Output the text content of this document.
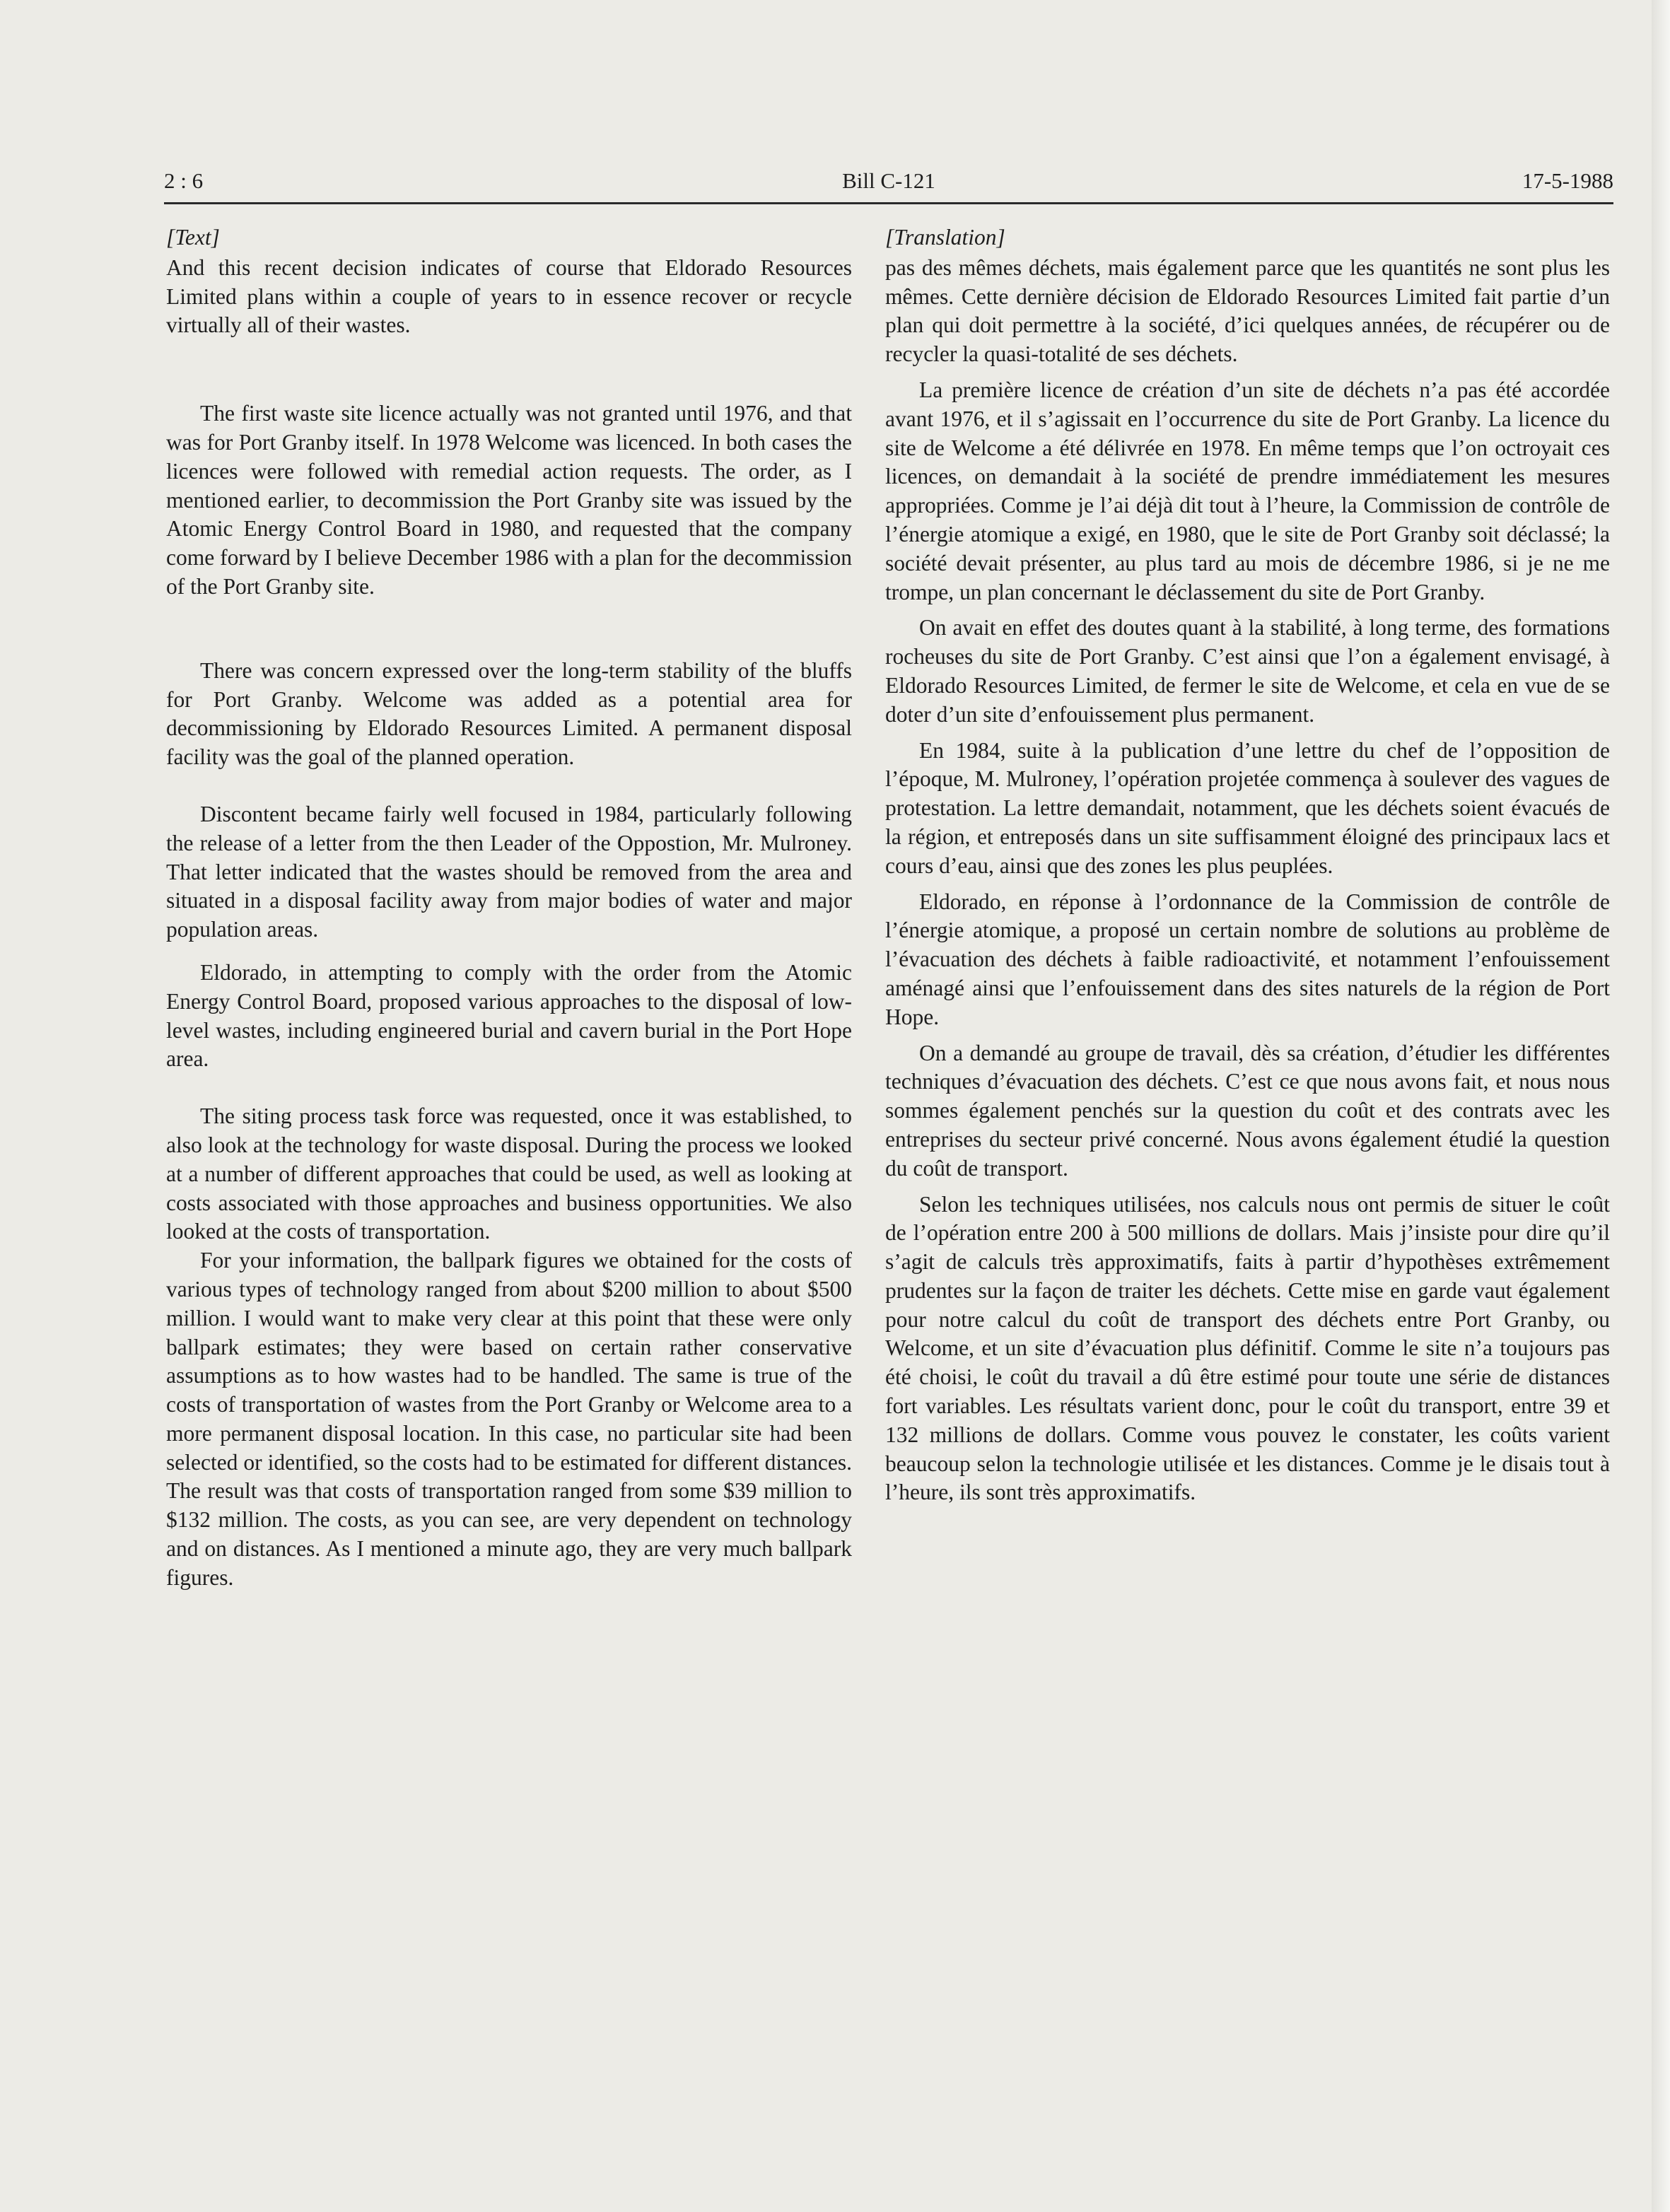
2 : 6	Bill C-121	17-5-1988
[Text]

And this recent decision indicates of course that Eldorado Resources Limited plans within a couple of years to in essence recover or recycle virtually all of their wastes.

The first waste site licence actually was not granted until 1976, and that was for Port Granby itself. In 1978 Welcome was licenced. In both cases the licences were followed with remedial action requests. The order, as I mentioned earlier, to decommission the Port Granby site was issued by the Atomic Energy Control Board in 1980, and requested that the company come forward by I believe December 1986 with a plan for the decommission of the Port Granby site.

There was concern expressed over the long-term stability of the bluffs for Port Granby. Welcome was added as a potential area for decommissioning by Eldorado Resources Limited. A permanent disposal facility was the goal of the planned operation.

Discontent became fairly well focused in 1984, particularly following the release of a letter from the then Leader of the Oppostion, Mr. Mulroney. That letter indicated that the wastes should be removed from the area and situated in a disposal facility away from major bodies of water and major population areas.

Eldorado, in attempting to comply with the order from the Atomic Energy Control Board, proposed various approaches to the disposal of low-level wastes, including engineered burial and cavern burial in the Port Hope area.

The siting process task force was requested, once it was established, to also look at the technology for waste disposal. During the process we looked at a number of different approaches that could be used, as well as looking at costs associated with those approaches and business opportunities. We also looked at the costs of transportation.

For your information, the ballpark figures we obtained for the costs of various types of technology ranged from about $200 million to about $500 million. I would want to make very clear at this point that these were only ballpark estimates; they were based on certain rather conservative assumptions as to how wastes had to be handled. The same is true of the costs of transportation of wastes from the Port Granby or Welcome area to a more permanent disposal location. In this case, no particular site had been selected or identified, so the costs had to be estimated for different distances. The result was that costs of transportation ranged from some $39 million to $132 million. The costs, as you can see, are very dependent on technology and on distances. As I mentioned a minute ago, they are very much ballpark figures.

[Translation]

pas des mêmes déchets, mais également parce que les quantités ne sont plus les mêmes. Cette dernière décision de Eldorado Resources Limited fait partie d’un plan qui doit permettre à la société, d’ici quelques années, de récupérer ou de recycler la quasi-totalité de ses déchets.

La première licence de création d’un site de déchets n’a pas été accordée avant 1976, et il s’agissait en l’occurrence du site de Port Granby. La licence du site de Welcome a été délivrée en 1978. En même temps que l’on octroyait ces licences, on demandait à la société de prendre immédiatement les mesures appropriées. Comme je l’ai déjà dit tout à l’heure, la Commission de contrôle de l’énergie atomique a exigé, en 1980, que le site de Port Granby soit déclassé; la société devait présenter, au plus tard au mois de décembre 1986, si je ne me trompe, un plan concernant le déclassement du site de Port Granby.

On avait en effet des doutes quant à la stabilité, à long terme, des formations rocheuses du site de Port Granby. C’est ainsi que l’on a également envisagé, à Eldorado Resources Limited, de fermer le site de Welcome, et cela en vue de se doter d’un site d’enfouissement plus permanent.

En 1984, suite à la publication d’une lettre du chef de l’opposition de l’époque, M. Mulroney, l’opération projetée commença à soulever des vagues de protestation. La lettre demandait, notamment, que les déchets soient évacués de la région, et entreposés dans un site suffisamment éloigné des principaux lacs et cours d’eau, ainsi que des zones les plus peuplées.

Eldorado, en réponse à l’ordonnance de la Commission de contrôle de l’énergie atomique, a proposé un certain nombre de solutions au problème de l’évacuation des déchets à faible radioactivité, et notamment l’enfouissement aménagé ainsi que l’enfouissement dans des sites naturels de la région de Port Hope.

On a demandé au groupe de travail, dès sa création, d’étudier les différentes techniques d’évacuation des déchets. C’est ce que nous avons fait, et nous nous sommes également penchés sur la question du coût et des contrats avec les entreprises du secteur privé concerné. Nous avons également étudié la question du coût de transport.

Selon les techniques utilisées, nos calculs nous ont permis de situer le coût de l’opération entre 200 à 500 millions de dollars. Mais j’insiste pour dire qu’il s’agit de calculs très approximatifs, faits à partir d’hypothèses extrêmement prudentes sur la façon de traiter les déchets. Cette mise en garde vaut également pour notre calcul du coût de transport des déchets entre Port Granby, ou Welcome, et un site d’évacuation plus définitif. Comme le site n’a toujours pas été choisi, le coût du travail a dû être estimé pour toute une série de distances fort variables. Les résultats varient donc, pour le coût du transport, entre 39 et 132 millions de dollars. Comme vous pouvez le constater, les coûts varient beaucoup selon la technologie utilisée et les distances. Comme je le disais tout à l’heure, ils sont très approximatifs.
